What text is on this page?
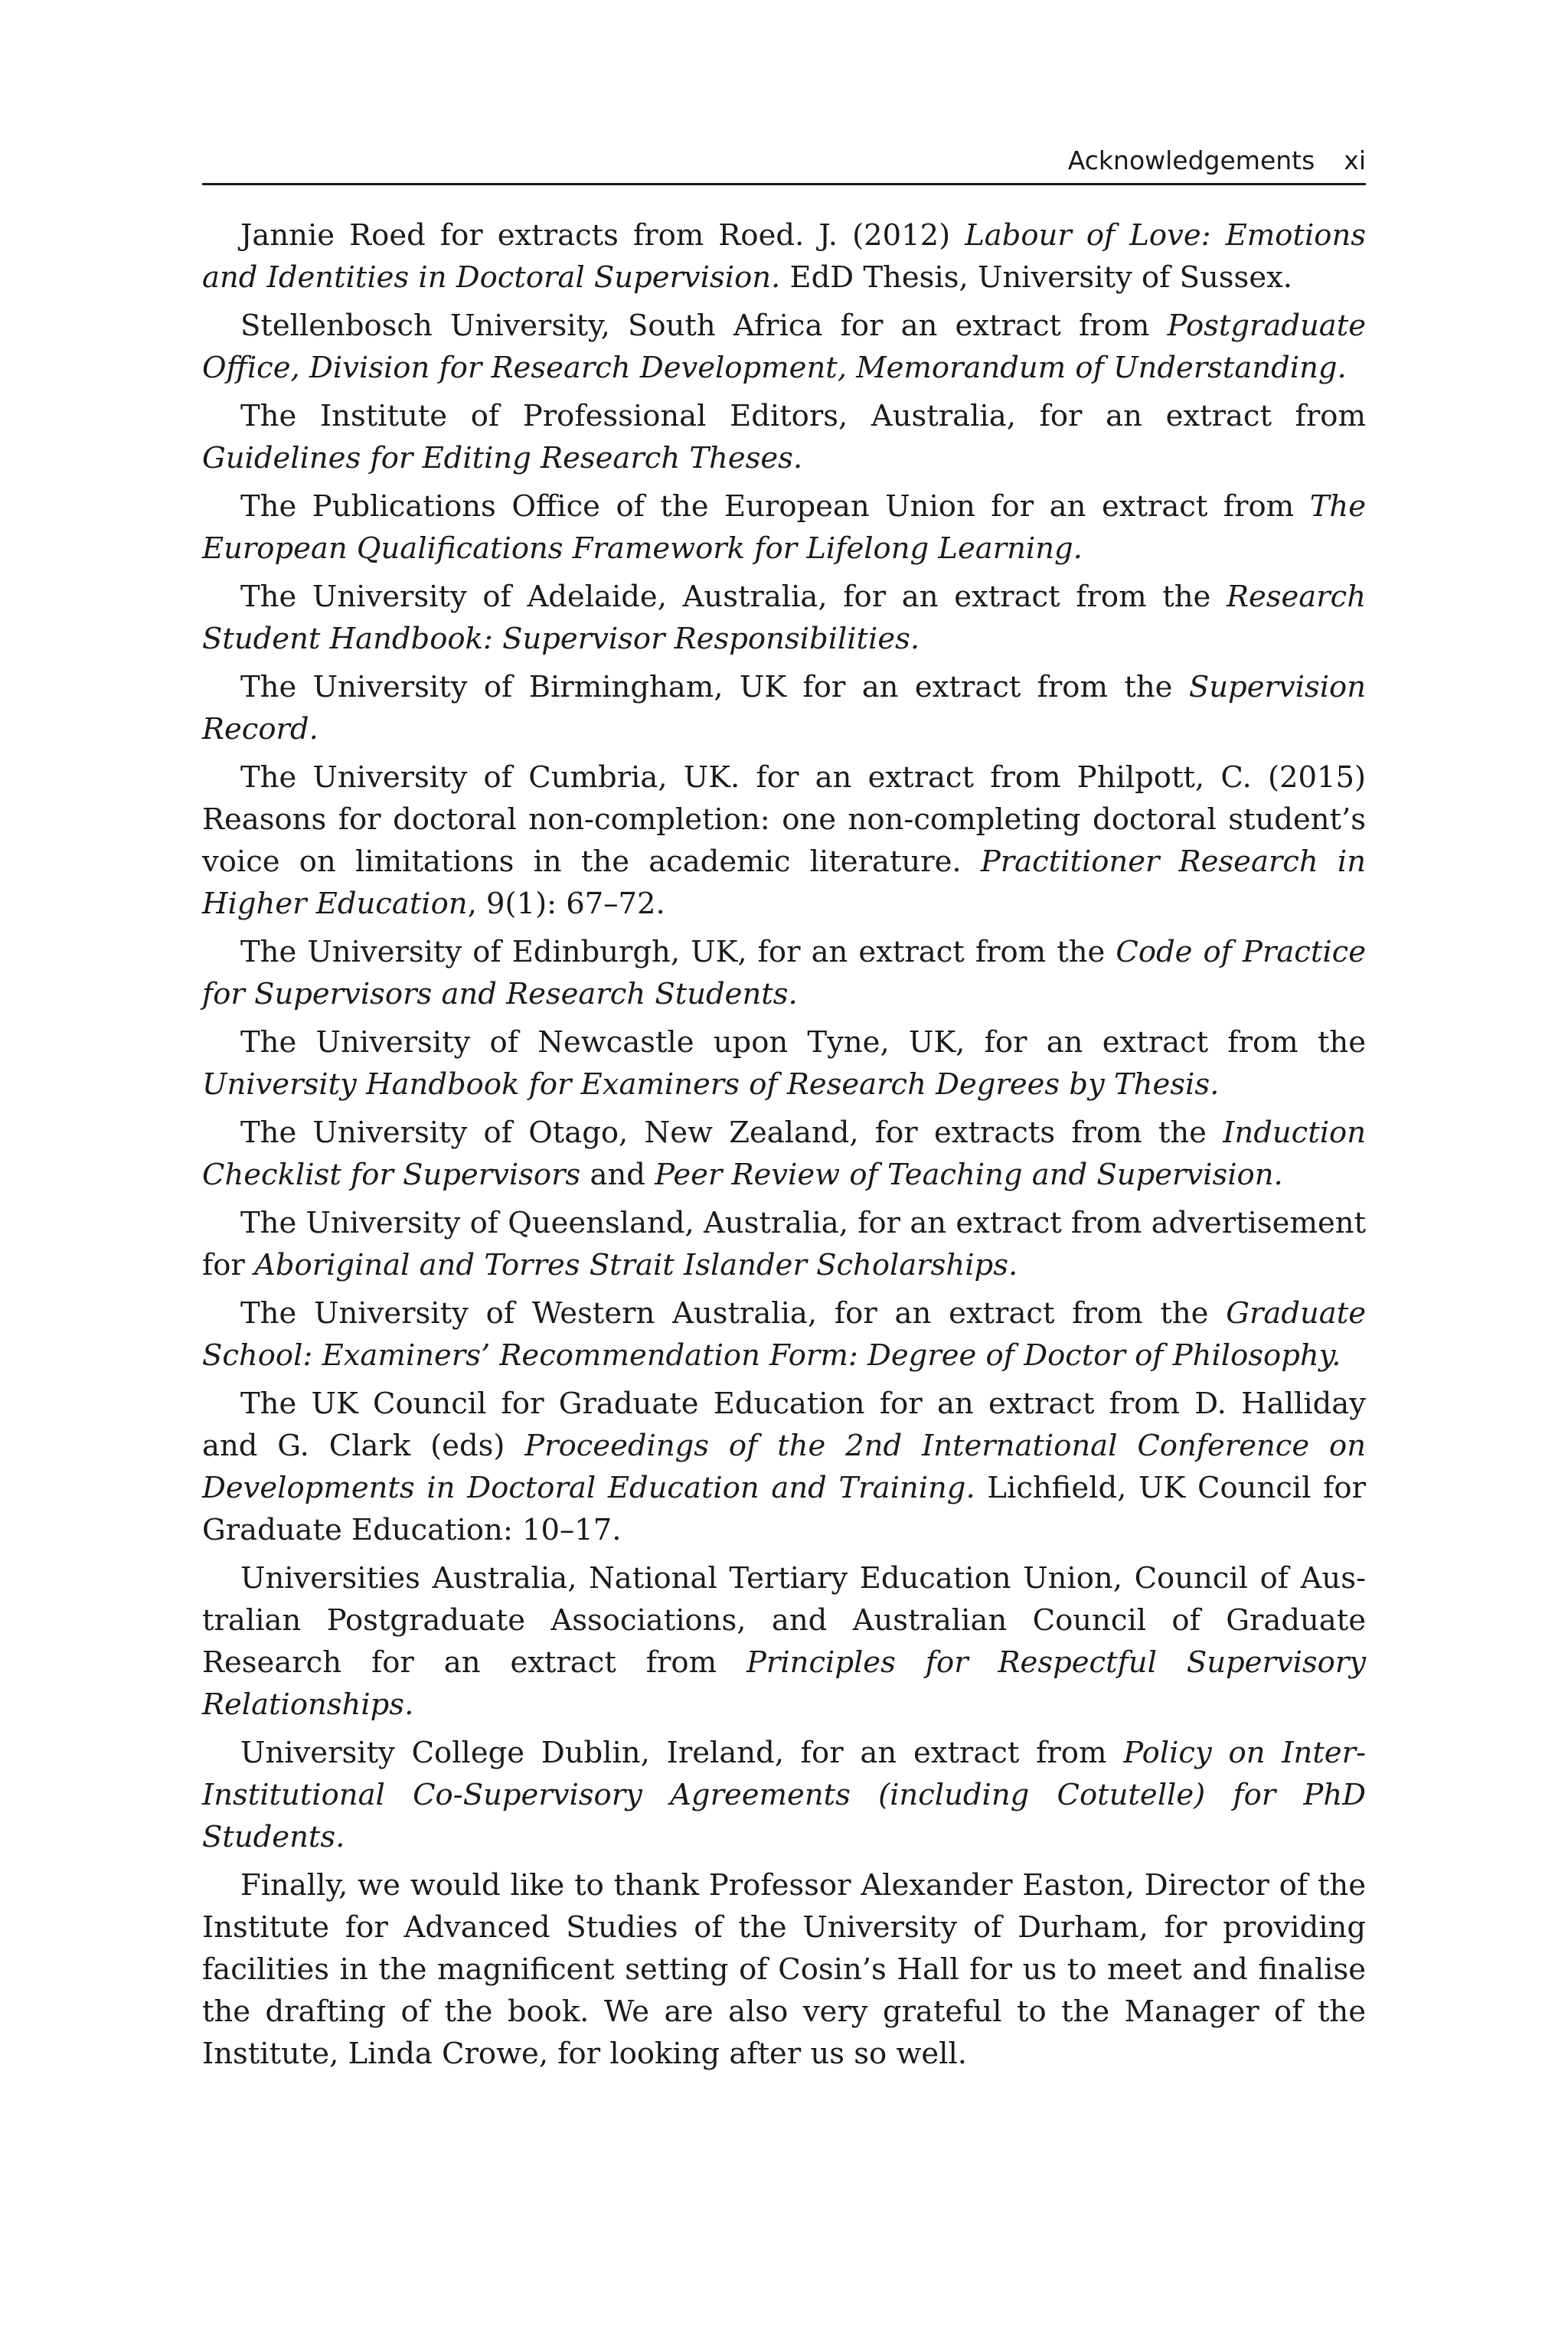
Acknowledgements xi

Jannie Roed for extracts from Roed. J. (2012) Labour of Love: Emotions and Identities in Doctoral Supervision. EdD Thesis, University of Sussex.

Stellenbosch University, South Africa for an extract from Postgraduate Office, Division for Research Development, Memorandum of Understanding.

The Institute of Professional Editors, Australia, for an extract from Guidelines for Editing Research Theses.

The Publications Office of the European Union for an extract from The European Qualifications Framework for Lifelong Learning.

The University of Adelaide, Australia, for an extract from the Research Student Handbook: Supervisor Responsibilities.

The University of Birmingham, UK for an extract from the Supervision Record.

The University of Cumbria, UK. for an extract from Philpott, C. (2015) Reasons for doctoral non-completion: one non-completing doctoral student’s voice on limitations in the academic literature. Practitioner Research in Higher Education, 9(1): 67–72.

The University of Edinburgh, UK, for an extract from the Code of Practice for Supervisors and Research Students.

The University of Newcastle upon Tyne, UK, for an extract from the University Handbook for Examiners of Research Degrees by Thesis.

The University of Otago, New Zealand, for extracts from the Induction Checklist for Supervisors and Peer Review of Teaching and Supervision.

The University of Queensland, Australia, for an extract from advertisement for Aboriginal and Torres Strait Islander Scholarships.

The University of Western Australia, for an extract from the Graduate School: Examiners’ Recommendation Form: Degree of Doctor of Philosophy.

The UK Council for Graduate Education for an extract from D. Halliday and G. Clark (eds) Proceedings of the 2nd International Conference on Developments in Doctoral Education and Training. Lichfield, UK Council for Graduate Education: 10–17.

Universities Australia, National Tertiary Education Union, Council of Australian Postgraduate Associations, and Australian Council of Graduate Research for an extract from Principles for Respectful Supervisory Relationships.

University College Dublin, Ireland, for an extract from Policy on Inter-Institutional Co-Supervisory Agreements (including Cotutelle) for PhD Students.

Finally, we would like to thank Professor Alexander Easton, Director of the Institute for Advanced Studies of the University of Durham, for providing facilities in the magnificent setting of Cosin’s Hall for us to meet and finalise the drafting of the book. We are also very grateful to the Manager of the Institute, Linda Crowe, for looking after us so well.
